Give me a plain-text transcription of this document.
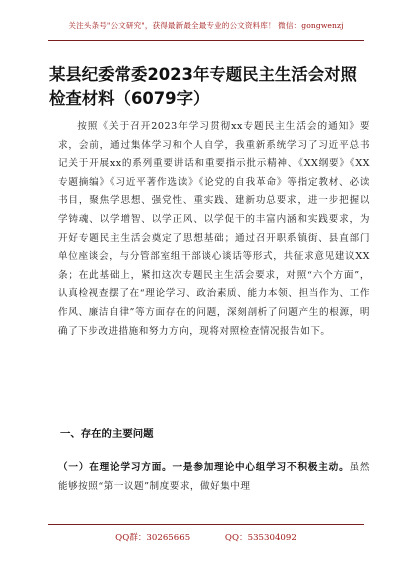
关注头条号"公文研究"，获得最新最全最专业的公文资料库！ 微信：gongwenzj
某县纪委常委2023年专题民主生活会对照检查材料（6079字）

按照《关于召开2023年学习贯彻xx专题民主生活会的通知》要求，会前，通过集体学习和个人自学，我重新系统学习了习近平总书记关于开展xx的系列重要讲话和重要指示批示精神、《XX纲要》《XX专题摘编》《习近平著作选读》《论党的自我革命》等指定教材、必读书目，聚焦学思想、强党性、重实践、建新功总要求，进一步把握以学铸魂、以学增智、以学正风、以学促干的丰富内涵和实践要求，为开好专题民主生活会奠定了思想基础；通过召开职系镇街、县直部门单位座谈会，与分管部室组干部谈心谈话等形式，共征求意见建议XX条；在此基础上，紧扣这次专题民主生活会要求，对照“六个方面”，认真检视查摆了在“理论学习、政治素质、能力本领、担当作为、工作作风、廉洁自律”等方面存在的问题，深刻剖析了问题产生的根源，明确了下步改进措施和努力方向，现将对照检查情况报告如下。

一、存在的主要问题

（一）在理论学习方面。一是参加理论中心组学习不积极主动。虽然能够按照“第一议题”制度要求，做好集中理

QQ群：30265665	QQ：535304092
